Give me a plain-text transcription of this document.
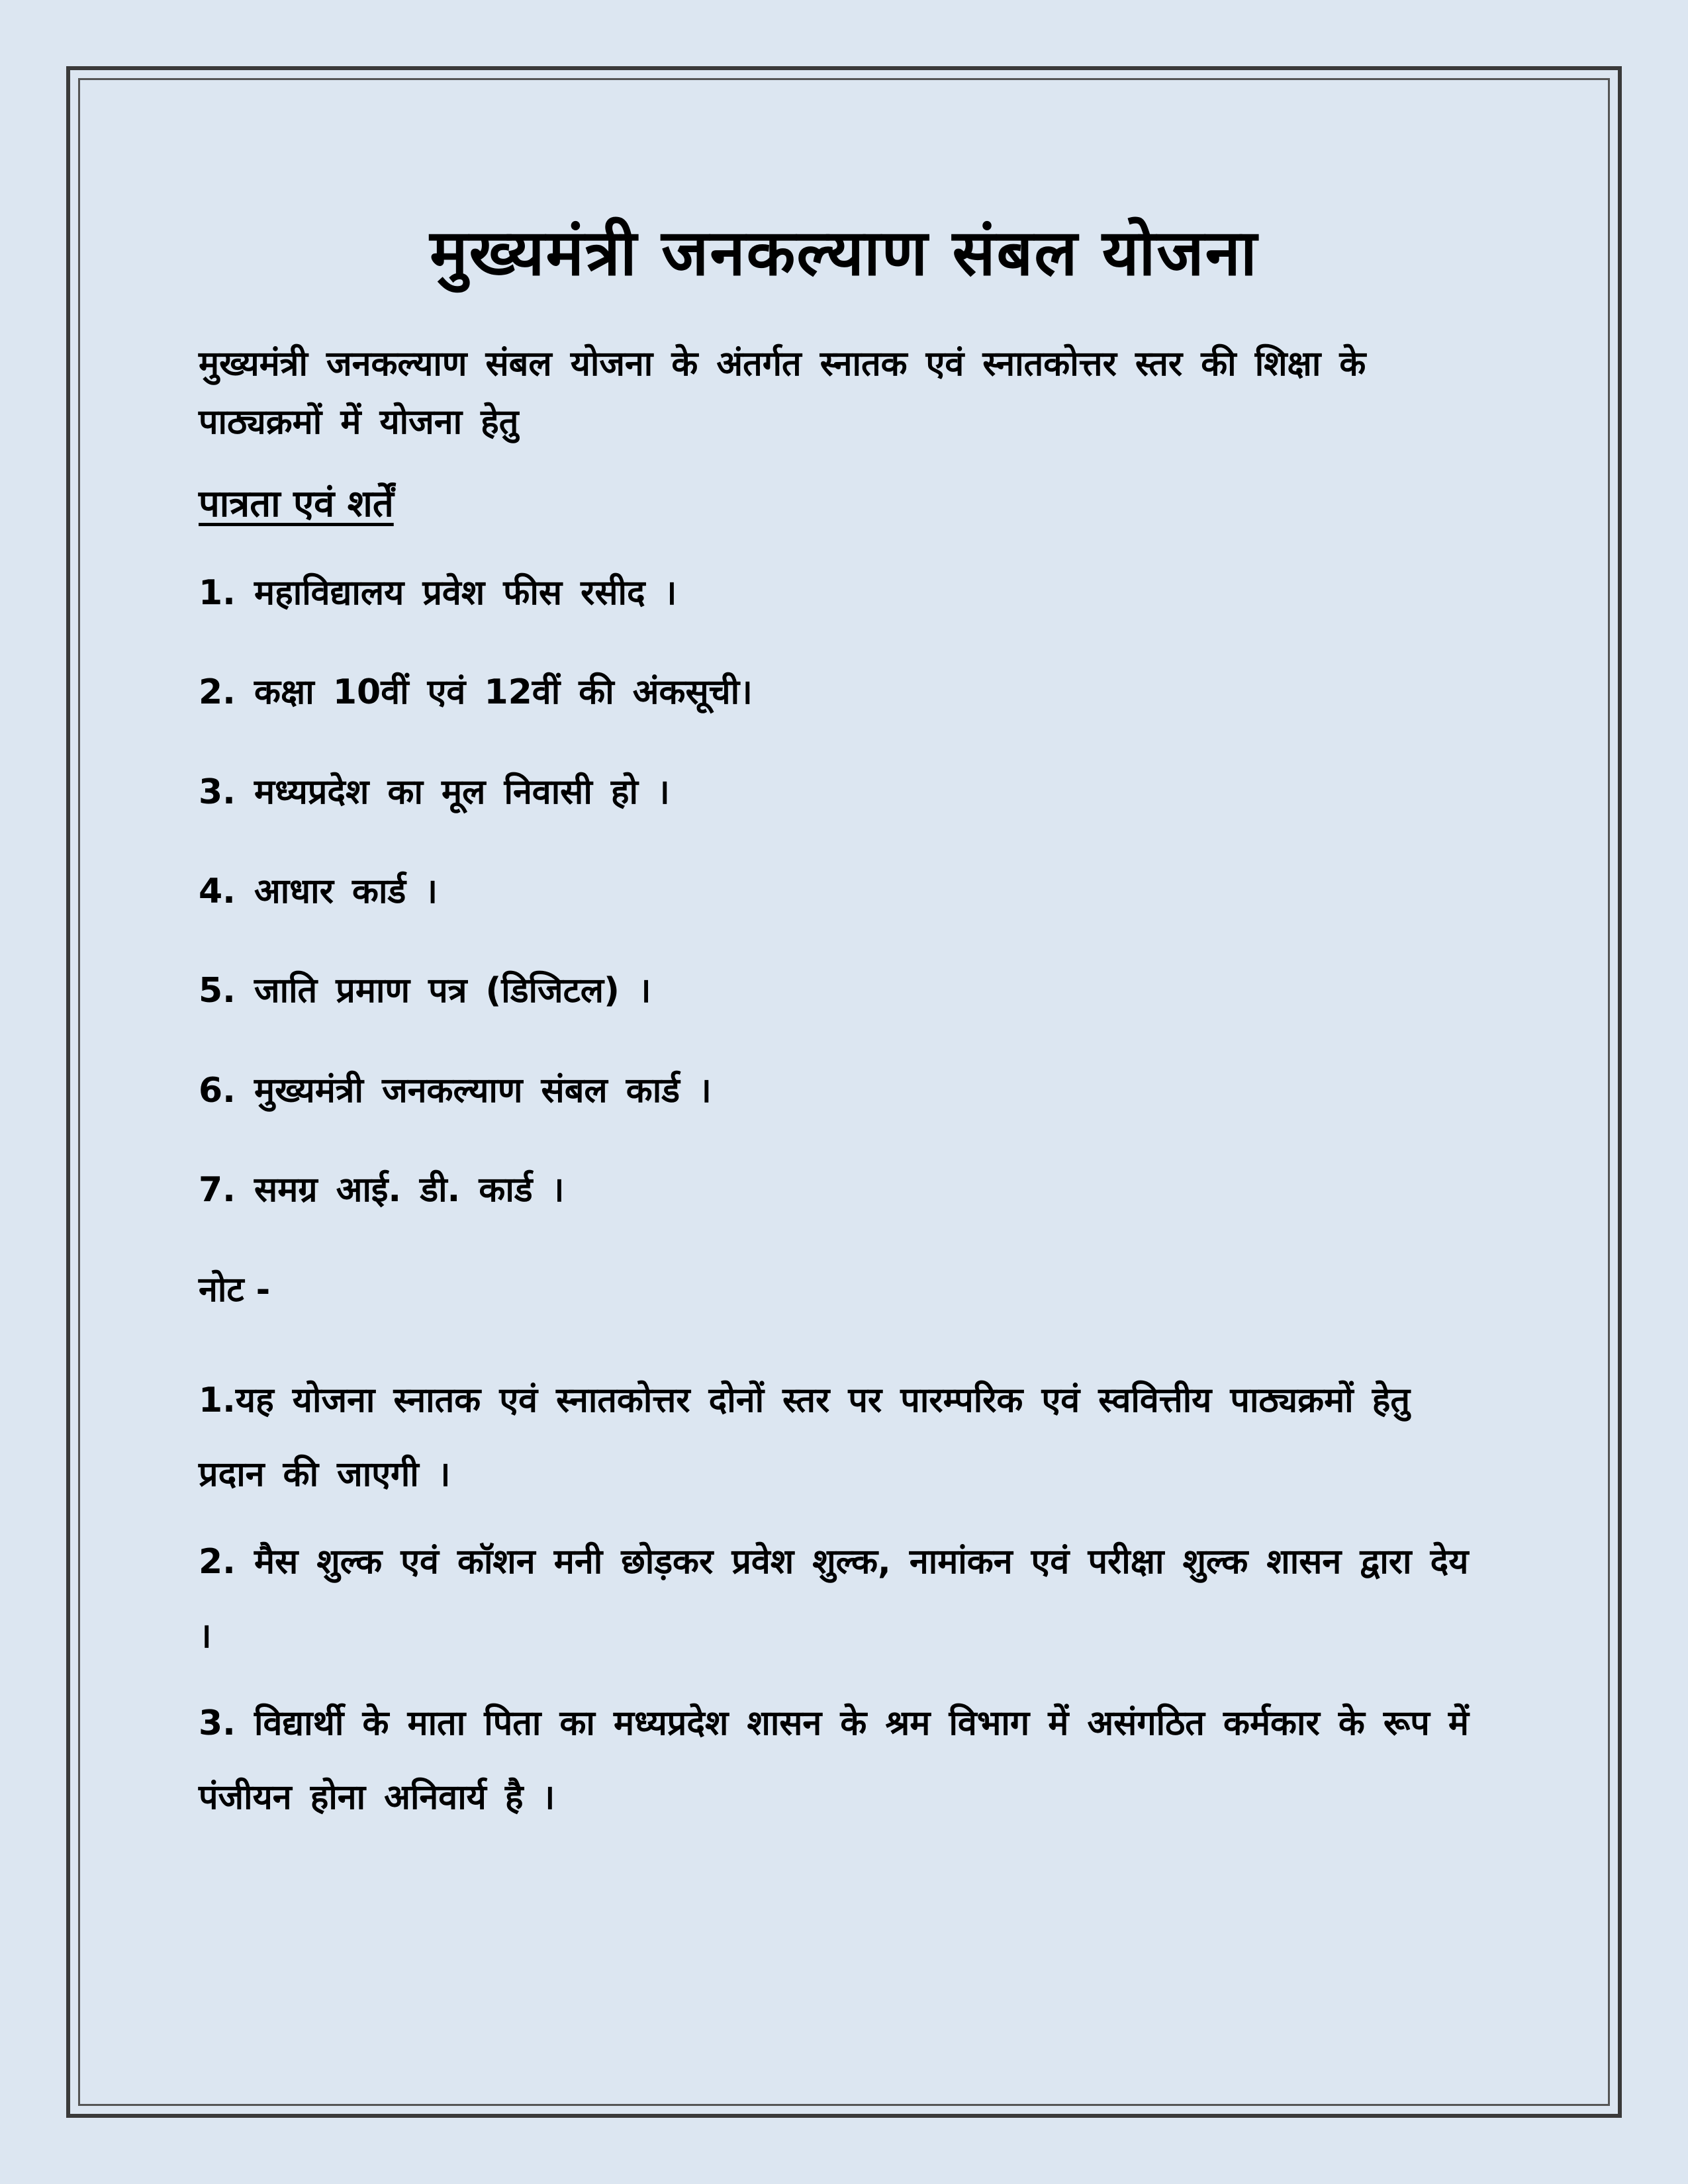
मुख्यमंत्री जनकल्याण संबल योजना

मुख्यमंत्री जनकल्याण संबल योजना के अंतर्गत स्नातक एवं स्नातकोत्तर स्तर की शिक्षा के पाठ्यक्रमों में योजना हेतु

पात्रता एवं शर्तें
1. महाविद्यालय प्रवेश फीस रसीद ।
2. कक्षा 10वीं एवं 12वीं की अंकसूची।
3. मध्यप्रदेश का मूल निवासी हो ।
4. आधार कार्ड ।
5. जाति प्रमाण पत्र (डिजिटल) ।
6. मुख्यमंत्री जनकल्याण संबल कार्ड ।
7. समग्र आई. डी. कार्ड ।
नोट -
1.यह योजना स्नातक एवं स्नातकोत्तर दोनों स्तर पर पारम्परिक एवं स्ववित्तीय पाठ्यक्रमों हेतु प्रदान की जाएगी ।
2. मैस शुल्क एवं कॉशन मनी छोड़कर प्रवेश शुल्क, नामांकन एवं परीक्षा शुल्क शासन द्वारा देय ।
3. विद्यार्थी के माता पिता का मध्यप्रदेश शासन के श्रम विभाग में असंगठित कर्मकार के रूप में पंजीयन होना अनिवार्य है ।
